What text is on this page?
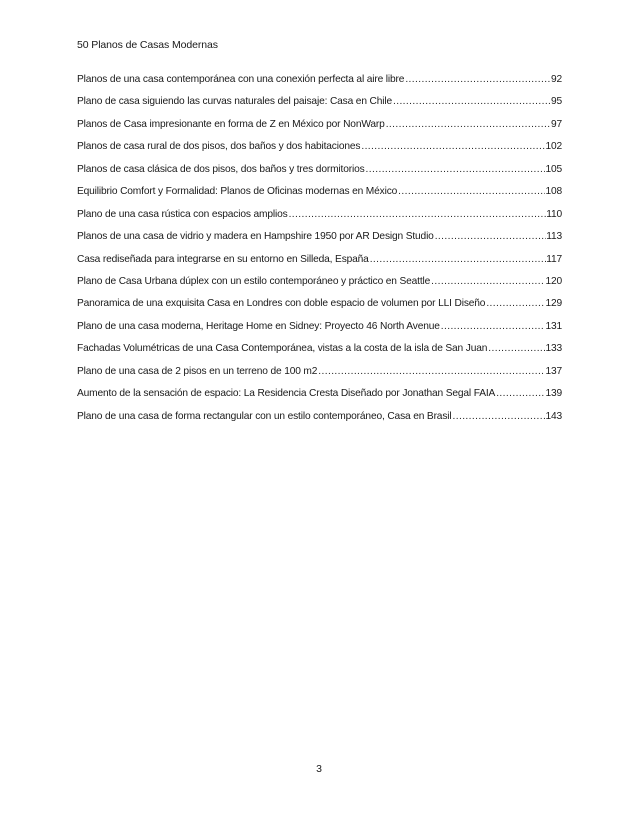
50 Planos de Casas Modernas
Planos de una casa contemporánea con una conexión perfecta al aire libre .....	92
Plano de casa siguiendo las curvas naturales del paisaje: Casa en Chile .....	95
Planos de Casa impresionante en forma de Z en México por NonWarp .....	97
Planos de casa rural de dos pisos, dos baños y dos habitaciones .....	102
Planos de casa clásica de dos pisos, dos baños y tres dormitorios .....	105
Equilibrio Comfort y Formalidad: Planos de Oficinas modernas en México .....	108
Plano de una casa rústica con espacios amplios .....	110
Planos de una casa de vidrio y madera en Hampshire 1950 por AR Design Studio .....	113
Casa rediseñada para integrarse en su entorno en Silleda, España .....	117
Plano de Casa Urbana dúplex con un estilo contemporáneo y práctico en Seattle .....	120
Panoramica de una exquisita Casa en Londres con doble espacio de volumen por LLI Diseño .....	129
Plano de una casa moderna, Heritage Home en Sidney: Proyecto 46 North Avenue .....	131
Fachadas Volumétricas de una Casa Contemporánea, vistas a la costa de la isla de San Juan .....	133
Plano de una casa de 2 pisos en un terreno de 100 m2 .....	137
Aumento de la sensación de espacio: La Residencia Cresta Diseñado por Jonathan Segal FAIA .....	139
Plano de una casa de forma rectangular con un estilo contemporáneo, Casa en Brasil .....	143
3
